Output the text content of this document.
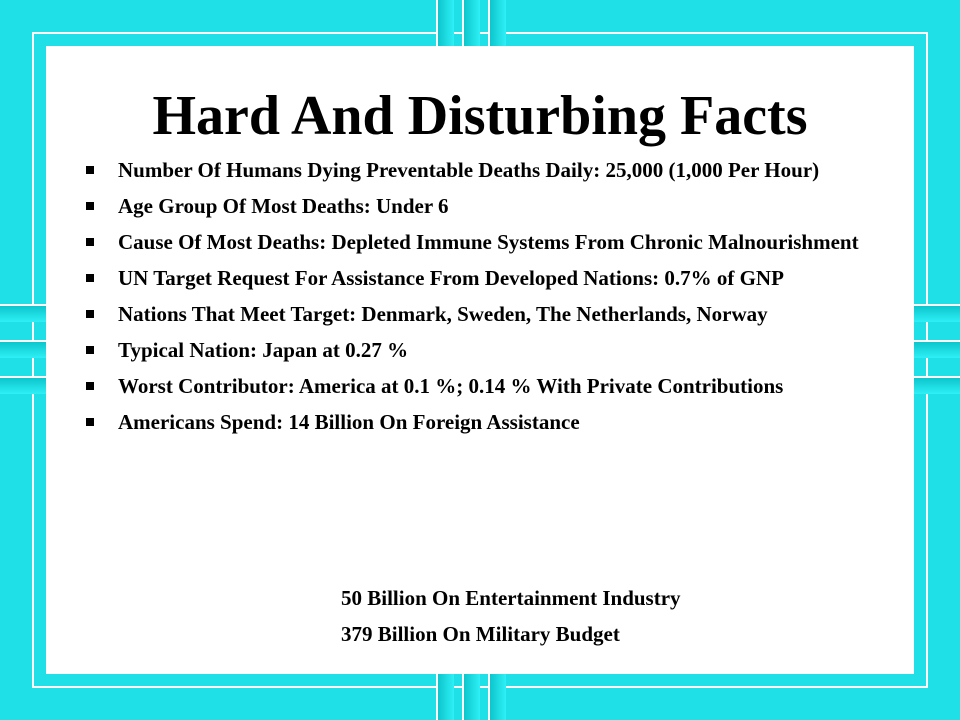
Hard And Disturbing Facts
Number Of Humans Dying Preventable Deaths Daily: 25,000 (1,000 Per Hour)
Age Group Of Most Deaths: Under 6
Cause Of Most Deaths: Depleted Immune Systems From Chronic Malnourishment
UN Target Request For Assistance From Developed Nations: 0.7% of GNP
Nations That Meet Target: Denmark, Sweden, The Netherlands, Norway
Typical Nation: Japan at 0.27 %
Worst Contributor: America at 0.1 %; 0.14 % With Private Contributions
Americans Spend: 14 Billion On Foreign Assistance
50 Billion On Entertainment Industry
379 Billion On Military Budget
